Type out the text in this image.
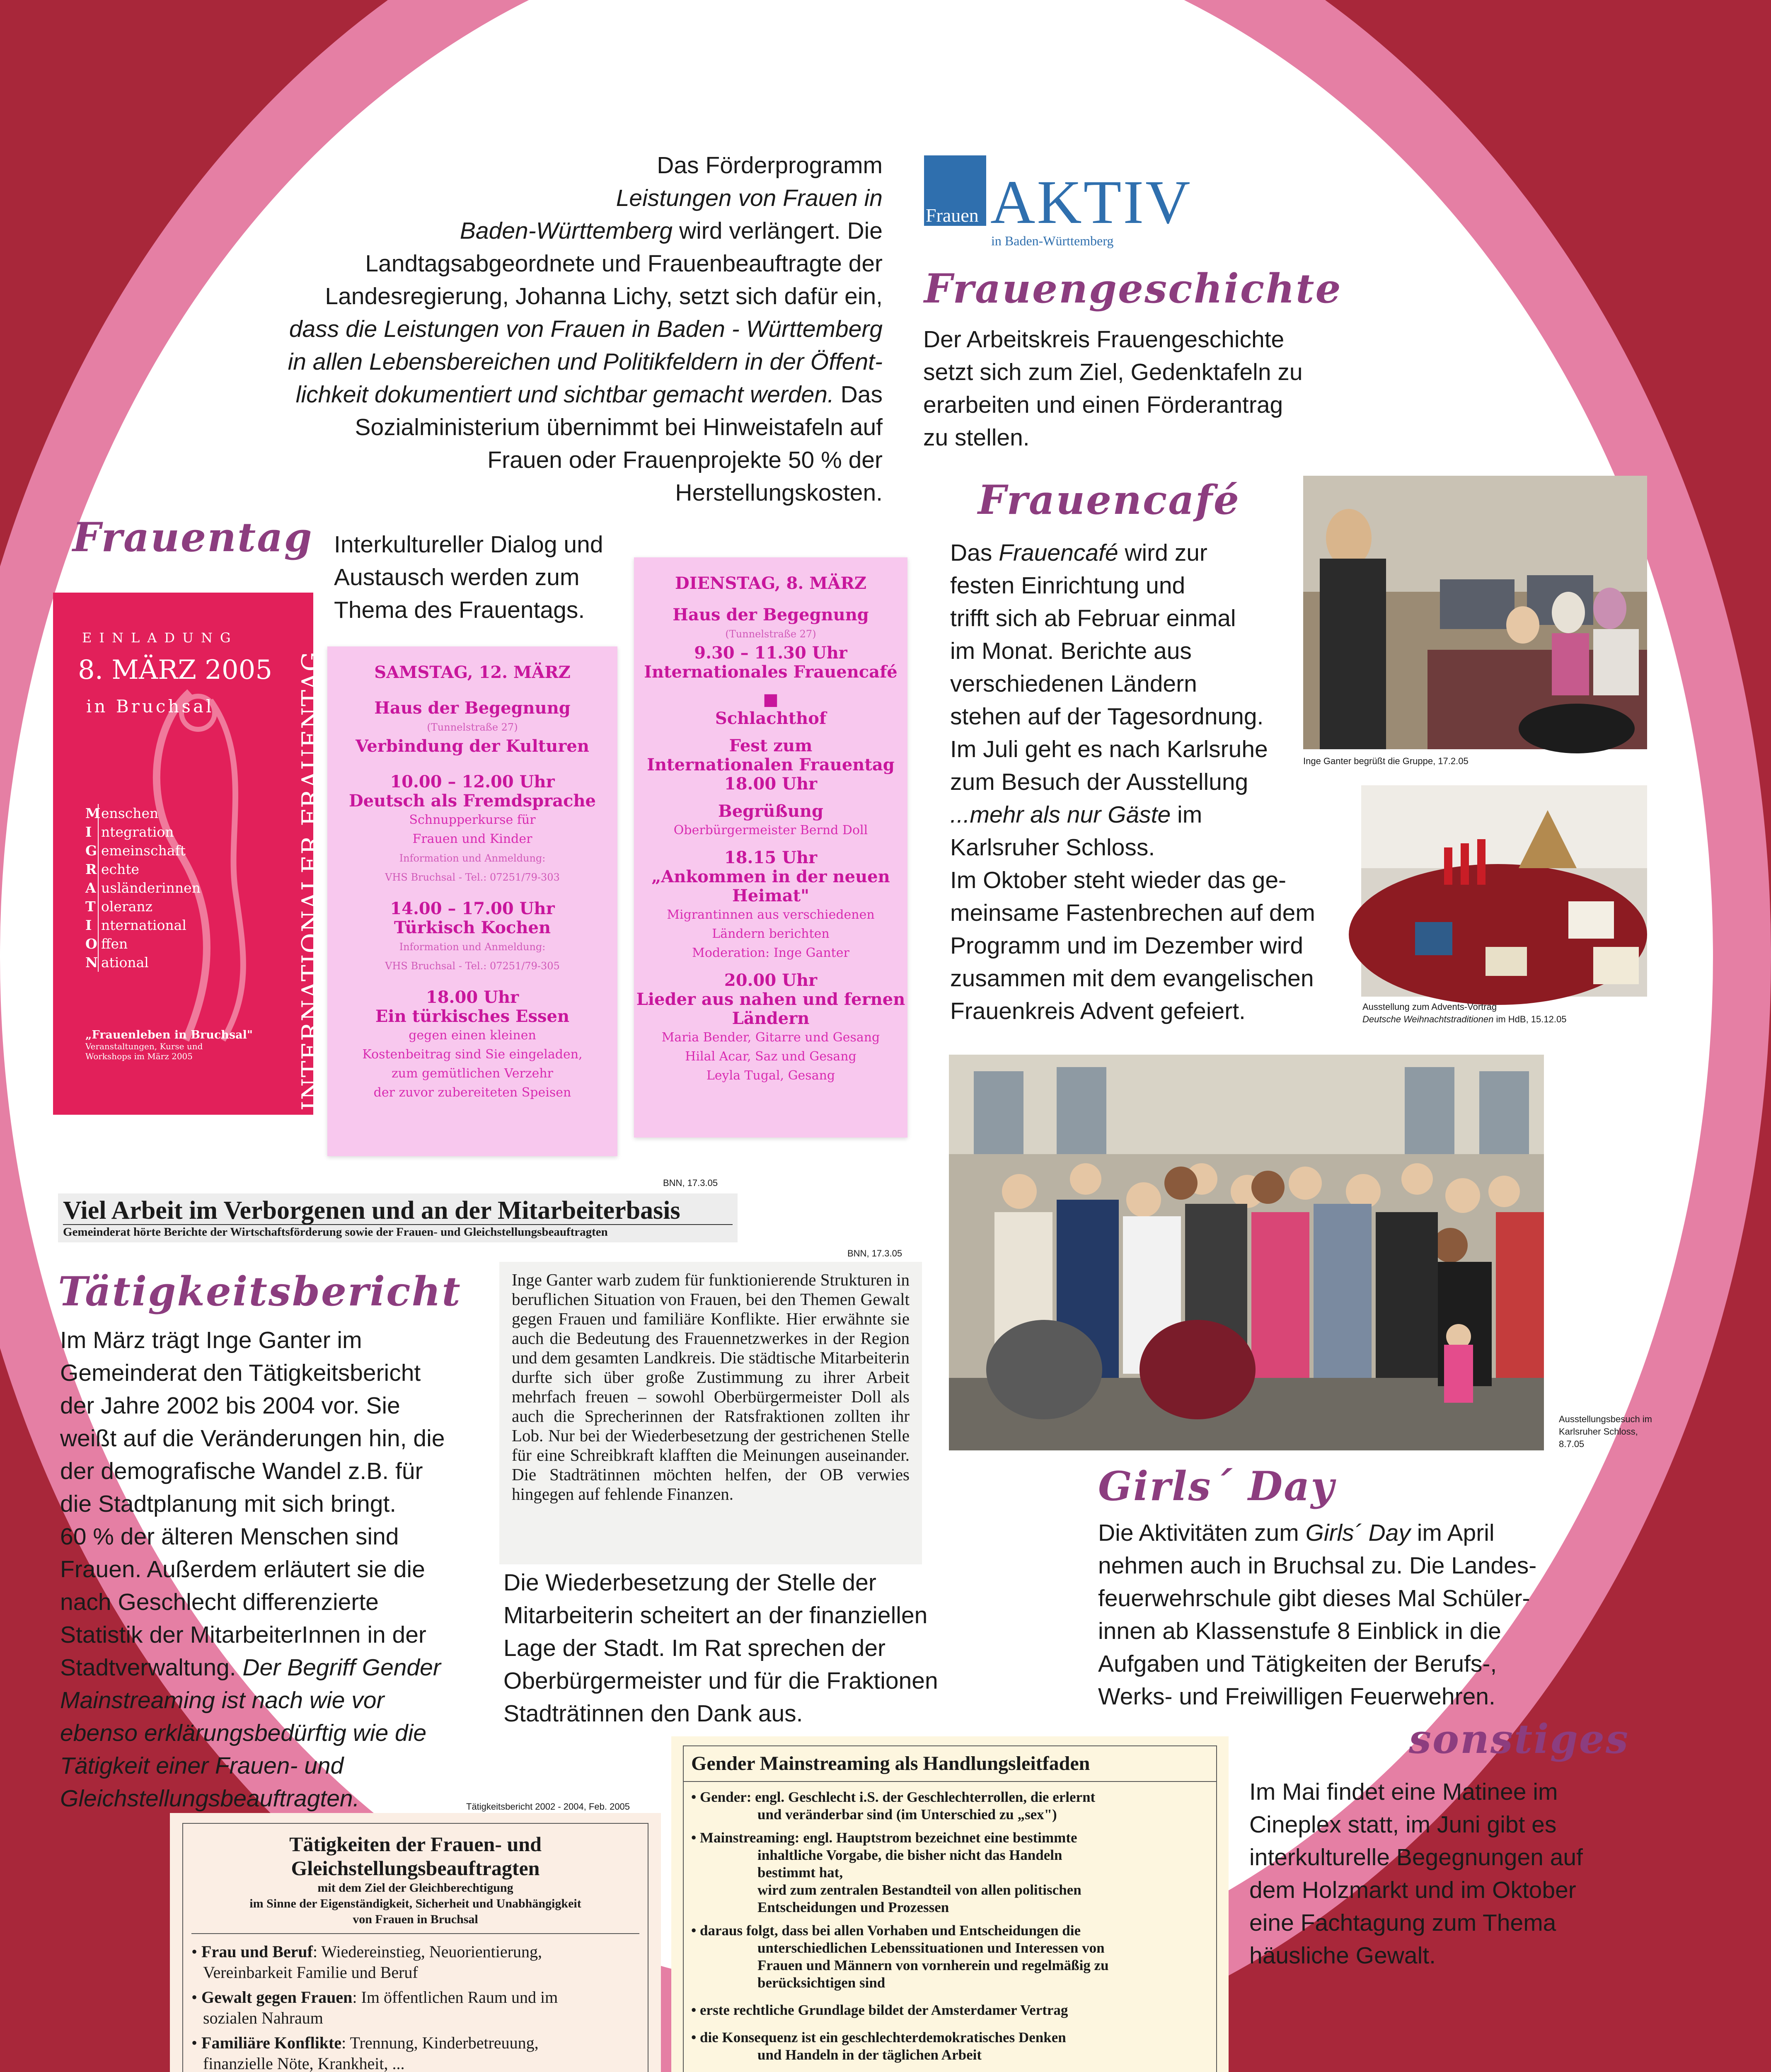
Das Förderprogramm
Leistungen von Frauen in
Baden-Württemberg wird verlängert. Die
Landtagsabgeordnete und Frauenbeauftragte der
Landesregierung, Johanna Lichy, setzt sich dafür ein,
dass die Leistungen von Frauen in Baden - Württemberg
in allen Lebensbereichen und Politikfeldern in der Öffent-
lichkeit dokumentiert und sichtbar gemacht werden. Das
Sozialministerium übernimmt bei Hinweistafeln auf
Frauen oder Frauenprojekte 50 % der
Herstellungskosten.
Frauen AKTIV
in Baden-Württemberg
Frauengeschichte
Der Arbeitskreis Frauengeschichte
setzt sich zum Ziel, Gedenktafeln zu
erarbeiten und einen Förderantrag
zu stellen.
Frauentag Interkultureller Dialog und
Austausch werden zum
Thema des Frauentags.
EINLADUNG
8. MÄRZ 2005
in Bruchsal
Menschen
I ntegration
G emeinschaft
R echte
A usländerinnen
T oleranz
I nternational
O ffen
N ational
„Frauenleben in Bruchsal"
Veranstaltungen, Kurse und
Workshops im März 2005	INTERNATIONALER FRAUENTAG	SAMSTAG, 12. MÄRZ
Haus der Begegnung
(Tunnelstraße 27)
Verbindung der Kulturen
10.00 – 12.00 Uhr
Deutsch als Fremdsprache
Schnupperkurse für
Frauen und Kinder
Information und Anmeldung:
VHS Bruchsal - Tel.: 07251/79-303
14.00 – 17.00 Uhr
Türkisch Kochen
Information und Anmeldung:
VHS Bruchsal - Tel.: 07251/79-305
18.00 Uhr
Ein türkisches Essen
gegen einen kleinen
Kostenbeitrag sind Sie eingeladen,
zum gemütlichen Verzehr
der zuvor zubereiteten Speisen
DIENSTAG, 8. MÄRZ
Haus der Begegnung
(Tunnelstraße 27)
9.30 – 11.30 Uhr
Internationales Frauencafé
■
Schlachthof
Fest zum
Internationalen Frauentag
18.00 Uhr
Begrüßung
Oberbürgermeister Bernd Doll
18.15 Uhr
„Ankommen in der neuen Heimat"
Migrantinnen aus verschiedenen
Ländern berichten
Moderation: Inge Ganter
20.00 Uhr
Lieder aus nahen und fernen Ländern
Maria Bender, Gitarre und Gesang
Hilal Acar, Saz und Gesang
Leyla Tugal, Gesang
Frauencafé
Das Frauencafé wird zur
festen Einrichtung und
trifft sich ab Februar einmal
im Monat. Berichte aus
verschiedenen Ländern
stehen auf der Tagesordnung.
Im Juli geht es nach Karlsruhe
zum Besuch der Ausstellung
...mehr als nur Gäste im
Karlsruher Schloss.
Im Oktober steht wieder das ge-
meinsame Fastenbrechen auf dem
Programm und im Dezember wird
zusammen mit dem evangelischen
Frauenkreis Advent gefeiert.
Inge Ganter begrüßt die Gruppe, 17.2.05
Ausstellung zum Advents-Vortrag
Deutsche Weihnachtstraditionen im HdB, 15.12.05
Ausstellungsbesuch im
Karlsruher Schloss,
8.7.05
BNN, 17.3.05
Viel Arbeit im Verborgenen und an der Mitarbeiterbasis
Gemeinderat hörte Berichte der Wirtschaftsförderung sowie der Frauen- und Gleichstellungsbeauftragten
BNN, 17.3.05
Inge Ganter warb zudem für funktionierende Strukturen in beruflichen Situation von Frauen, bei den Themen Gewalt gegen Frauen und familiäre Konflikte. Hier erwähnte sie auch die Bedeutung des Frauennetzwerkes in der Region und dem gesamten Landkreis. Die städtische Mitarbeiterin durfte sich über große Zustimmung zu ihrer Arbeit mehrfach freuen – sowohl Oberbürgermeister Doll als auch die Sprecherinnen der Ratsfraktionen zollten ihr Lob. Nur bei der Wiederbesetzung der gestrichenen Stelle für eine Schreibkraft klafften die Meinungen auseinander. Die Stadträtinnen möchten helfen, der OB verwies hingegen auf fehlende Finanzen.
Tätigkeitsbericht
Im März trägt Inge Ganter im
Gemeinderat den Tätigkeitsbericht
der Jahre 2002 bis 2004 vor. Sie
weißt auf die Veränderungen hin, die
der demografische Wandel z.B. für
die Stadtplanung mit sich bringt.
60 % der älteren Menschen sind
Frauen. Außerdem erläutert sie die
nach Geschlecht differenzierte
Statistik der MitarbeiterInnen in der
Stadtverwaltung. Der Begriff Gender
Mainstreaming ist nach wie vor
ebenso erklärungsbedürftig wie die
Tätigkeit einer Frauen- und
Gleichstellungsbeauftragten.	Tätigkeitsbericht 2002 - 2004, Feb. 2005
Die Wiederbesetzung der Stelle der
Mitarbeiterin scheitert an der finanziellen
Lage der Stadt. Im Rat sprechen der
Oberbürgermeister und für die Fraktionen
Stadträtinnen den Dank aus.
Girls´ Day
Die Aktivitäten zum Girls´ Day im April
nehmen auch in Bruchsal zu. Die Landes-
feuerwehrschule gibt dieses Mal Schüler-
innen ab Klassenstufe 8 Einblick in die
Aufgaben und Tätigkeiten der Berufs-,
Werks- und Freiwilligen Feuerwehren.
sonstiges
Im Mai findet eine Matinee im
Cineplex statt, im Juni gibt es
interkulturelle Begegnungen auf
dem Holzmarkt und im Oktober
eine Fachtagung zum Thema
häusliche Gewalt.
Tätigkeiten der Frauen- und
Gleichstellungsbeauftragten
mit dem Ziel der Gleichberechtigung
im Sinne der Eigenständigkeit, Sicherheit und Unabhängigkeit
von Frauen in Bruchsal
• Frau und Beruf: Wiedereinstieg, Neuorientierung,
Vereinbarkeit Familie und Beruf
• Gewalt gegen Frauen: Im öffentlichen Raum und im
sozialen Nahraum
• Familiäre Konflikte: Trennung, Kinderbetreuung,
finanzielle Nöte, Krankheit, ...
Gender Mainstreaming als Handlungsleitfaden
• Gender: engl. Geschlecht i.S. der Geschlechterrollen, die erlernt
und veränderbar sind (im Unterschied zu „sex")
• Mainstreaming: engl. Hauptstrom bezeichnet eine bestimmte
inhaltliche Vorgabe, die bisher nicht das Handeln
bestimmt hat,
wird zum zentralen Bestandteil von allen politischen
Entscheidungen und Prozessen
• daraus folgt, dass bei allen Vorhaben und Entscheidungen die
unterschiedlichen Lebenssituationen und Interessen von
Frauen und Männern von vornherein und regelmäßig zu
berücksichtigen sind
• erste rechtliche Grundlage bildet der Amsterdamer Vertrag
• die Konsequenz ist ein geschlechterdemokratisches Denken
und Handeln in der täglichen Arbeit
